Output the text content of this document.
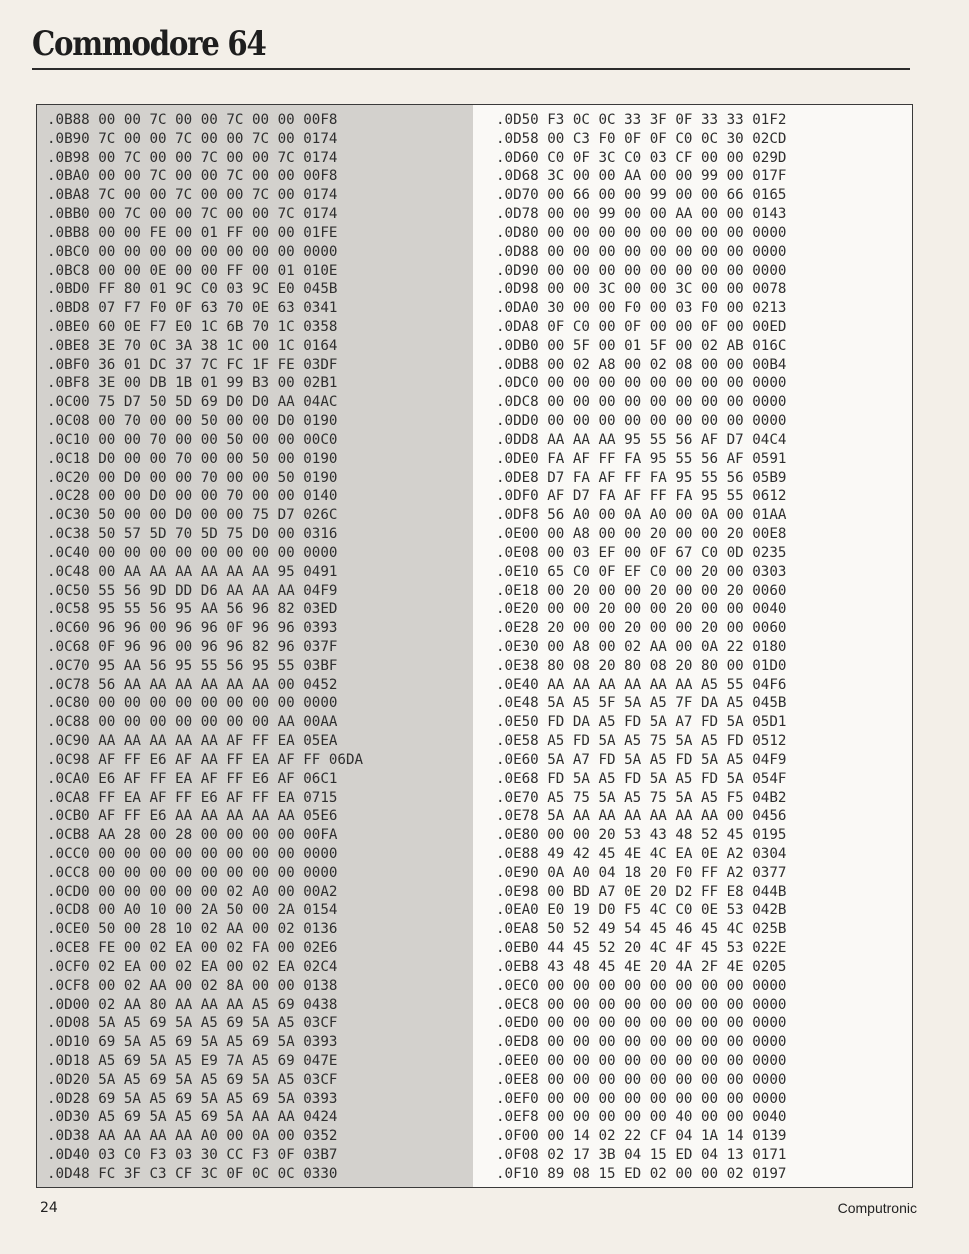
Commodore 64
.0B88 00 00 7C 00 00 7C 00 00 00F8
.0B90 7C 00 00 7C 00 00 7C 00 0174
.0B98 00 7C 00 00 7C 00 00 7C 0174
.0BA0 00 00 7C 00 00 7C 00 00 00F8
.0BA8 7C 00 00 7C 00 00 7C 00 0174
.0BB0 00 7C 00 00 7C 00 00 7C 0174
.0BB8 00 00 FE 00 01 FF 00 00 01FE
.0BC0 00 00 00 00 00 00 00 00 0000
.0BC8 00 00 0E 00 00 FF 00 01 010E
.0BD0 FF 80 01 9C C0 03 9C E0 045B
.0BD8 07 F7 F0 0F 63 70 0E 63 0341
.0BE0 60 0E F7 E0 1C 6B 70 1C 0358
.0BE8 3E 70 0C 3A 38 1C 00 1C 0164
.0BF0 36 01 DC 37 7C FC 1F FE 03DF
.0BF8 3E 00 DB 1B 01 99 B3 00 02B1
.0C00 75 D7 50 5D 69 D0 D0 AA 04AC
.0C08 00 70 00 00 50 00 00 D0 0190
.0C10 00 00 70 00 00 50 00 00 00C0
.0C18 D0 00 00 70 00 00 50 00 0190
.0C20 00 D0 00 00 70 00 00 50 0190
.0C28 00 00 D0 00 00 70 00 00 0140
.0C30 50 00 00 D0 00 00 75 D7 026C
.0C38 50 57 5D 70 5D 75 D0 00 0316
.0C40 00 00 00 00 00 00 00 00 0000
.0C48 00 AA AA AA AA AA AA 95 0491
.0C50 55 56 9D DD D6 AA AA AA 04F9
.0C58 95 55 56 95 AA 56 96 82 03ED
.0C60 96 96 00 96 96 0F 96 96 0393
.0C68 0F 96 96 00 96 96 82 96 037F
.0C70 95 AA 56 95 55 56 95 55 03BF
.0C78 56 AA AA AA AA AA AA 00 0452
.0C80 00 00 00 00 00 00 00 00 0000
.0C88 00 00 00 00 00 00 00 AA 00AA
.0C90 AA AA AA AA AA AF FF EA 05EA
.0C98 AF FF E6 AF AA FF EA AF FF 06DA
.0CA0 E6 AF FF EA AF FF E6 AF 06C1
.0CA8 FF EA AF FF E6 AF FF EA 0715
.0CB0 AF FF E6 AA AA AA AA AA 05E6
.0CB8 AA 28 00 28 00 00 00 00 00FA
.0CC0 00 00 00 00 00 00 00 00 0000
.0CC8 00 00 00 00 00 00 00 00 0000
.0CD0 00 00 00 00 00 02 A0 00 00A2
.0CD8 00 A0 10 00 2A 50 00 2A 0154
.0CE0 50 00 28 10 02 AA 00 02 0136
.0CE8 FE 00 02 EA 00 02 FA 00 02E6
.0CF0 02 EA 00 02 EA 00 02 EA 02C4
.0CF8 00 02 AA 00 02 8A 00 00 0138
.0D00 02 AA 80 AA AA AA A5 69 0438
.0D08 5A A5 69 5A A5 69 5A A5 03CF
.0D10 69 5A A5 69 5A A5 69 5A 0393
.0D18 A5 69 5A A5 E9 7A A5 69 047E
.0D20 5A A5 69 5A A5 69 5A A5 03CF
.0D28 69 5A A5 69 5A A5 69 5A 0393
.0D30 A5 69 5A A5 69 5A AA AA 0424
.0D38 AA AA AA AA A0 00 0A 00 0352
.0D40 03 C0 F3 03 30 CC F3 0F 03B7
.0D48 FC 3F C3 CF 3C 0F 0C 0C 0330
.0D50 F3 0C 0C 33 3F 0F 33 33 01F2
.0D58 00 C3 F0 0F 0F C0 0C 30 02CD
.0D60 C0 0F 3C C0 03 CF 00 00 029D
.0D68 3C 00 00 AA 00 00 99 00 017F
.0D70 00 66 00 00 99 00 00 66 0165
.0D78 00 00 99 00 00 AA 00 00 0143
.0D80 00 00 00 00 00 00 00 00 0000
.0D88 00 00 00 00 00 00 00 00 0000
.0D90 00 00 00 00 00 00 00 00 0000
.0D98 00 00 3C 00 00 3C 00 00 0078
.0DA0 30 00 00 F0 00 03 F0 00 0213
.0DA8 0F C0 00 0F 00 00 0F 00 00ED
.0DB0 00 5F 00 01 5F 00 02 AB 016C
.0DB8 00 02 A8 00 02 08 00 00 00B4
.0DC0 00 00 00 00 00 00 00 00 0000
.0DC8 00 00 00 00 00 00 00 00 0000
.0DD0 00 00 00 00 00 00 00 00 0000
.0DD8 AA AA AA 95 55 56 AF D7 04C4
.0DE0 FA AF FF FA 95 55 56 AF 0591
.0DE8 D7 FA AF FF FA 95 55 56 05B9
.0DF0 AF D7 FA AF FF FA 95 55 0612
.0DF8 56 A0 00 0A A0 00 0A 00 01AA
.0E00 00 A8 00 00 20 00 00 20 00E8
.0E08 00 03 EF 00 0F 67 C0 0D 0235
.0E10 65 C0 0F EF C0 00 20 00 0303
.0E18 00 20 00 00 20 00 00 20 0060
.0E20 00 00 20 00 00 20 00 00 0040
.0E28 20 00 00 20 00 00 20 00 0060
.0E30 00 A8 00 02 AA 00 0A 22 0180
.0E38 80 08 20 80 08 20 80 00 01D0
.0E40 AA AA AA AA AA AA A5 55 04F6
.0E48 5A A5 5F 5A A5 7F DA A5 045B
.0E50 FD DA A5 FD 5A A7 FD 5A 05D1
.0E58 A5 FD 5A A5 75 5A A5 FD 0512
.0E60 5A A7 FD 5A A5 FD 5A A5 04F9
.0E68 FD 5A A5 FD 5A A5 FD 5A 054F
.0E70 A5 75 5A A5 75 5A A5 F5 04B2
.0E78 5A AA AA AA AA AA AA 00 0456
.0E80 00 00 20 53 43 48 52 45 0195
.0E88 49 42 45 4E 4C EA 0E A2 0304
.0E90 0A A0 04 18 20 F0 FF A2 0377
.0E98 00 BD A7 0E 20 D2 FF E8 044B
.0EA0 E0 19 D0 F5 4C C0 0E 53 042B
.0EA8 50 52 49 54 45 46 45 4C 025B
.0EB0 44 45 52 20 4C 4F 45 53 022E
.0EB8 43 48 45 4E 20 4A 2F 4E 0205
.0EC0 00 00 00 00 00 00 00 00 0000
.0EC8 00 00 00 00 00 00 00 00 0000
.0ED0 00 00 00 00 00 00 00 00 0000
.0ED8 00 00 00 00 00 00 00 00 0000
.0EE0 00 00 00 00 00 00 00 00 0000
.0EE8 00 00 00 00 00 00 00 00 0000
.0EF0 00 00 00 00 00 00 00 00 0000
.0EF8 00 00 00 00 00 40 00 00 0040
.0F00 00 14 02 22 CF 04 1A 14 0139
.0F08 02 17 3B 04 15 ED 04 13 0171
.0F10 89 08 15 ED 02 00 00 02 0197
24	Computronic
